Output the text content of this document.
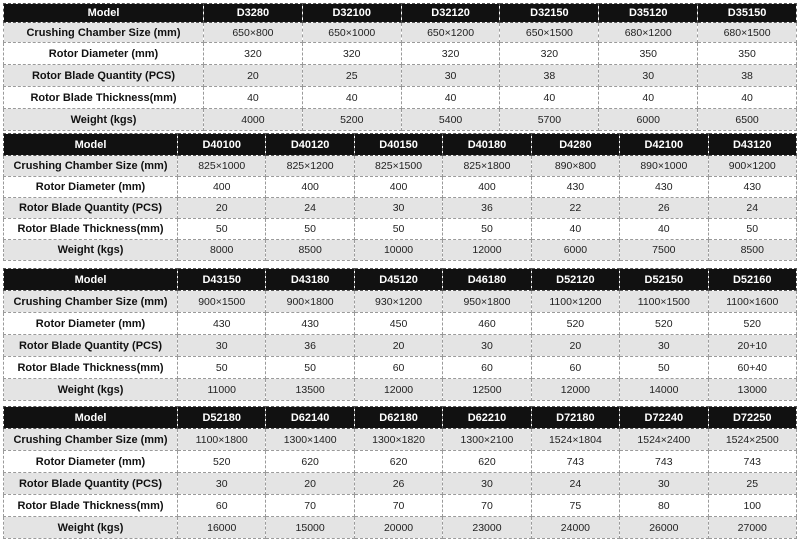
Model	D3280	D32100	D32120	D32150	D35120	D35150
Crushing Chamber Size (mm)	650×800	650×1000	650×1200	650×1500	680×1200	680×1500
Rotor Diameter (mm)	320	320	320	320	350	350
Rotor Blade Quantity (PCS)	20	25	30	38	30	38
Rotor Blade Thickness(mm)	40	40	40	40	40	40
Weight (kgs)	4000	5200	5400	5700	6000	6500
Model	D40100	D40120	D40150	D40180	D4280	D42100	D43120
Crushing Chamber Size (mm)	825×1000	825×1200	825×1500	825×1800	890×800	890×1000	900×1200
Rotor Diameter (mm)	400	400	400	400	430	430	430
Rotor Blade Quantity (PCS)	20	24	30	36	22	26	24
Rotor Blade Thickness(mm)	50	50	50	50	40	40	50
Weight (kgs)	8000	8500	10000	12000	6000	7500	8500
Model	D43150	D43180	D45120	D46180	D52120	D52150	D52160
Crushing Chamber Size (mm)	900×1500	900×1800	930×1200	950×1800	1100×1200	1100×1500	1100×1600
Rotor Diameter (mm)	430	430	450	460	520	520	520
Rotor Blade Quantity (PCS)	30	36	20	30	20	30	20+10
Rotor Blade Thickness(mm)	50	50	60	60	60	50	60+40
Weight (kgs)	11000	13500	12000	12500	12000	14000	13000
Model	D52180	D62140	D62180	D62210	D72180	D72240	D72250
Crushing Chamber Size (mm)	1100×1800	1300×1400	1300×1820	1300×2100	1524×1804	1524×2400	1524×2500
Rotor Diameter (mm)	520	620	620	620	743	743	743
Rotor Blade Quantity (PCS)	30	20	26	30	24	30	25
Rotor Blade Thickness(mm)	60	70	70	70	75	80	100
Weight (kgs)	16000	15000	20000	23000	24000	26000	27000
